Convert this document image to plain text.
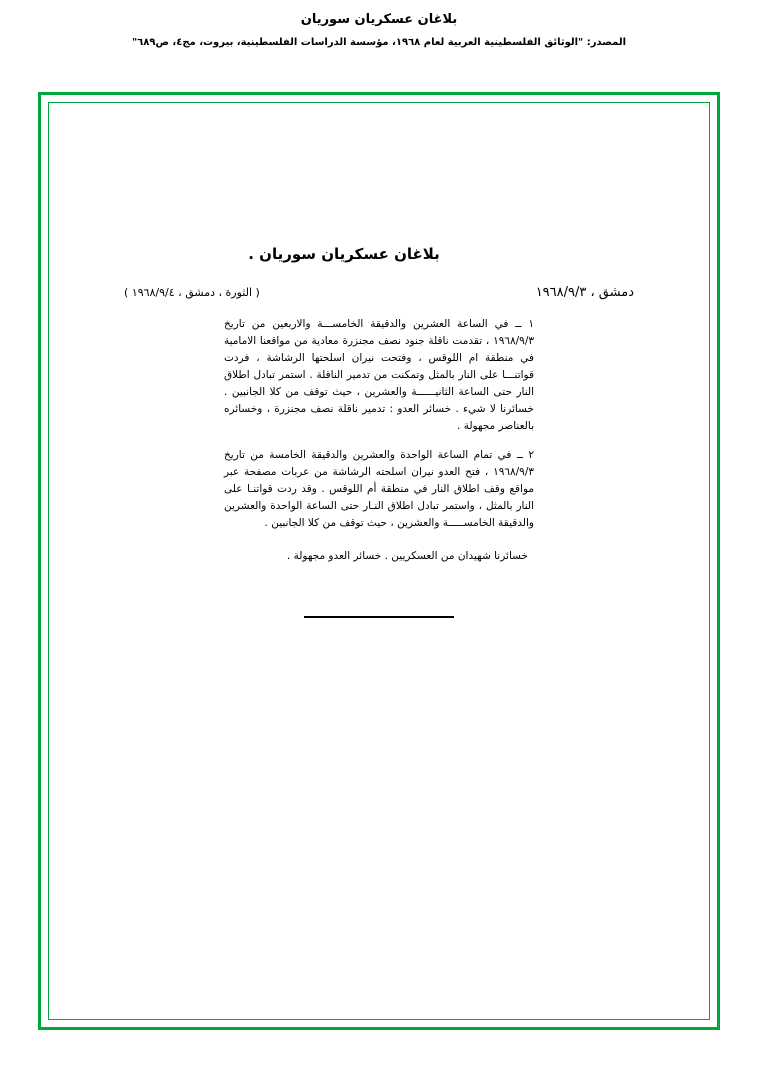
بلاغان عسكريان سوريان

المصدر: "الوثائق الفلسطينية العربية لعام ١٩٦٨، مؤسسة الدراسات الفلسطينية، بيروت، مج٤، ص٦٨٩"

بلاغان عسكريان سوريان .
دمشق ، ١٩٦٨/٩/٣
( الثورة ، دمشق ، ١٩٦٨/٩/٤ )

١ ــ في الساعة العشرين والدقيقة الخامســـة والاربعين من تاريخ ١٩٦٨/٩/٣ ، تقدمت ناقلة جنود نصف مجنزرة معادية من مواقعنا الامامية في منطقة ام اللوقس ، وفتحت نيران اسلحتها الرشاشة ، فردت قواتنـــا على النار بالمثل وتمكنت من تدمير الناقلة . استمر تبادل اطلاق النار حتى الساعة الثانيــــــة والعشرين ، حيث توقف من كلا الجانبين . خسائرنا لا شيء . خسائر العدو : تدمير ناقلة نصف مجنزرة ، وخسائره بالعناصر مجهولة .

٢ ــ في تمام الساعة الواحدة والعشرين والدقيقة الخامسة من تاريخ ١٩٦٨/٩/٣ ، فتح العدو نيران اسلحته الرشاشة من عربات مصفحة عبر مواقع وقف اطلاق النار في منطقة أم اللوقس . وقد ردت قواتنـا على النار بالمثل ، واستمر تبادل اطلاق النـار حتى الساعة الواحدة والعشرين والدقيقة الخامســـــة والعشرين ، حيث توقف من كلا الجانبين .

خسائرنا شهيدان من العسكريين . خسائر العدو مجهولة .
